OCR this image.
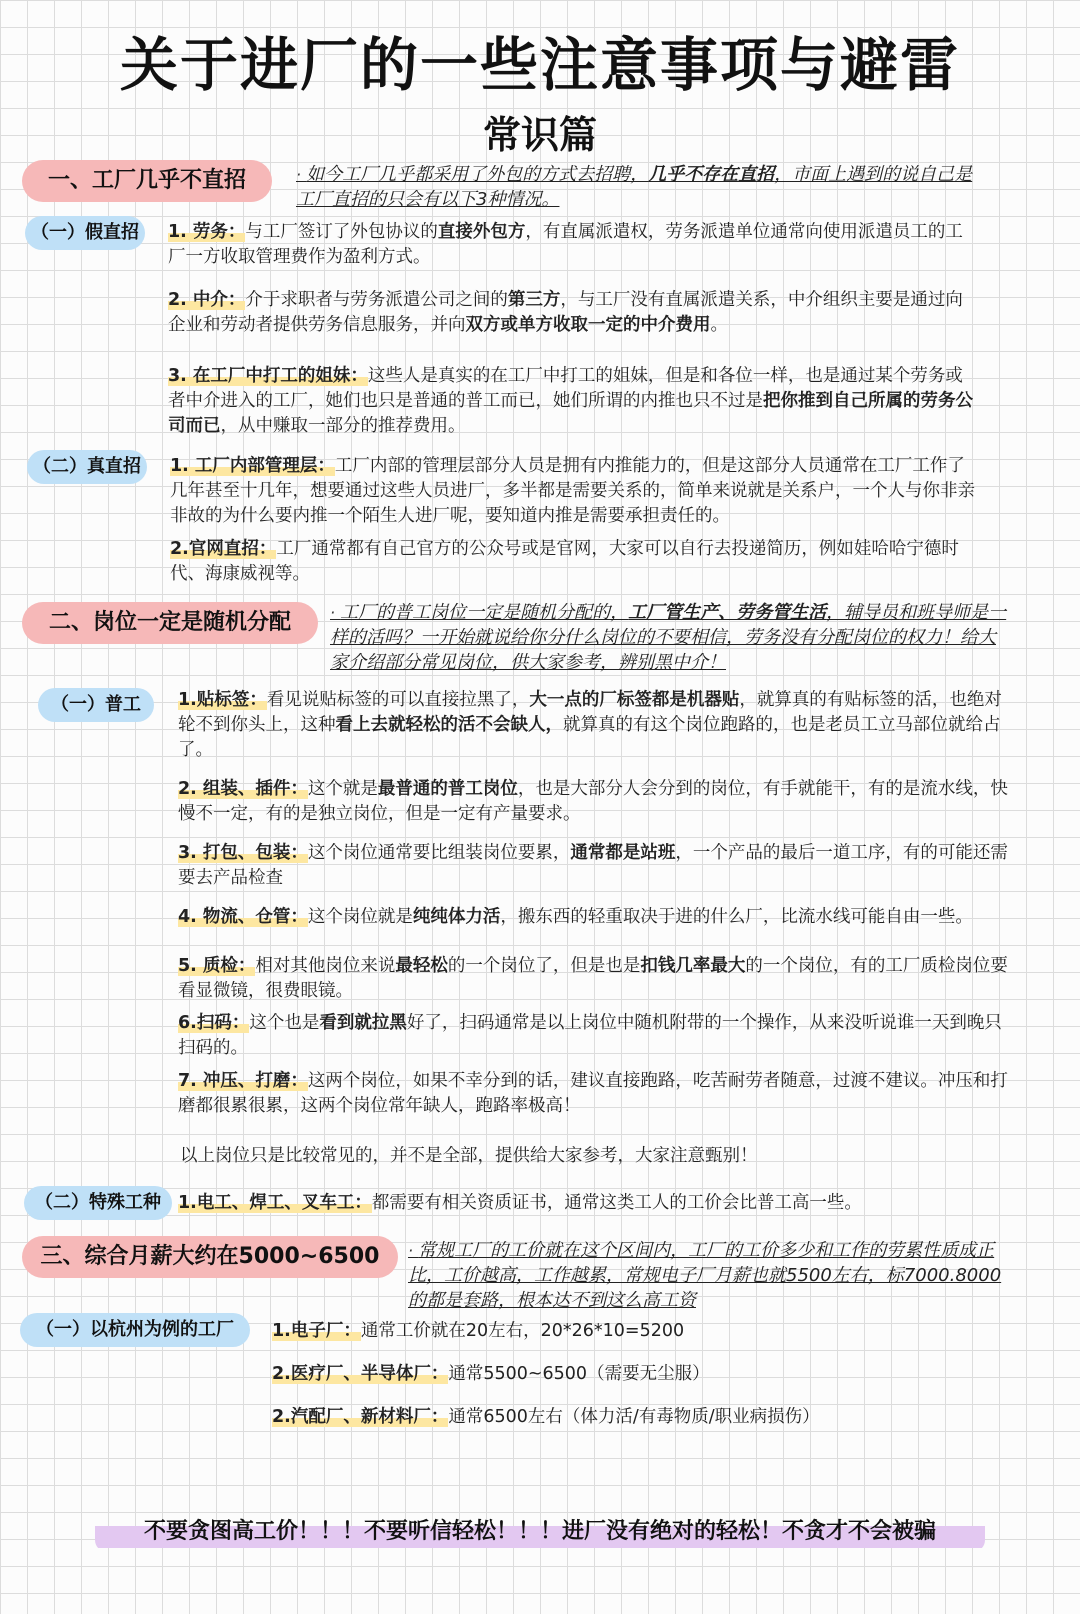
关于进厂的一些注意事项与避雷
常识篇
一、工厂几乎不直招	· 如今工厂几乎都采用了外包的方式去招聘，几乎不存在直招，市面上遇到的说自己是工厂直招的只会有以下3种情况。
（一）假直招	1. 劳务：与工厂签订了外包协议的直接外包方，有直属派遣权，劳务派遣单位通常向使用派遣员工的工厂一方收取管理费作为盈利方式。
2. 中介：介于求职者与劳务派遣公司之间的第三方，与工厂没有直属派遣关系，中介组织主要是通过向企业和劳动者提供劳务信息服务，并向双方或单方收取一定的中介费用。
3. 在工厂中打工的姐妹：这些人是真实的在工厂中打工的姐妹，但是和各位一样，也是通过某个劳务或者中介进入的工厂，她们也只是普通的普工而已，她们所谓的内推也只不过是把你推到自己所属的劳务公司而已，从中赚取一部分的推荐费用。
（二）真直招	1. 工厂内部管理层：工厂内部的管理层部分人员是拥有内推能力的，但是这部分人员通常在工厂工作了几年甚至十几年，想要通过这些人员进厂，多半都是需要关系的，简单来说就是关系户，一个人与你非亲非故的为什么要内推一个陌生人进厂呢，要知道内推是需要承担责任的。
2.官网直招：工厂通常都有自己官方的公众号或是官网，大家可以自行去投递简历，例如娃哈哈宁德时代、海康威视等。
二、岗位一定是随机分配	· 工厂的普工岗位一定是随机分配的，工厂管生产、劳务管生活，辅导员和班导师是一样的活吗？一开始就说给你分什么岗位的不要相信，劳务没有分配岗位的权力！给大家介绍部分常见岗位，供大家参考，辨别黑中介！
（一）普工	1.贴标签：看见说贴标签的可以直接拉黑了，大一点的厂标签都是机器贴，就算真的有贴标签的活，也绝对轮不到你头上，这种看上去就轻松的活不会缺人，就算真的有这个岗位跑路的，也是老员工立马部位就给占了。
2. 组装、插件：这个就是最普通的普工岗位，也是大部分人会分到的岗位，有手就能干，有的是流水线，快慢不一定，有的是独立岗位，但是一定有产量要求。
3. 打包、包装：这个岗位通常要比组装岗位要累，通常都是站班，一个产品的最后一道工序，有的可能还需要去产品检查
4. 物流、仓管：这个岗位就是纯纯体力活，搬东西的轻重取决于进的什么厂，比流水线可能自由一些。
5. 质检：相对其他岗位来说最轻松的一个岗位了，但是也是扣钱几率最大的一个岗位，有的工厂质检岗位要看显微镜，很费眼镜。
6.扫码：这个也是看到就拉黑好了，扫码通常是以上岗位中随机附带的一个操作，从来没听说谁一天到晚只扫码的。
7. 冲压、打磨：这两个岗位，如果不幸分到的话，建议直接跑路，吃苦耐劳者随意，过渡不建议。冲压和打磨都很累很累，这两个岗位常年缺人，跑路率极高！
以上岗位只是比较常见的，并不是全部，提供给大家参考，大家注意甄别！
（二）特殊工种 1.电工、焊工、叉车工：都需要有相关资质证书，通常这类工人的工价会比普工高一些。
三、综合月薪大约在5000~6500	· 常规工厂的工价就在这个区间内，工厂的工价多少和工作的劳累性质成正比，工价越高，工作越累，常规电子厂月薪也就5500左右，标7000.8000的都是套路，根本达不到这么高工资
（一）以杭州为例的工厂	1.电子厂：通常工价就在20左右，20*26*10=5200
2.医疗厂、半导体厂：通常5500~6500（需要无尘服）
2.汽配厂、新材料厂：通常6500左右（体力活/有毒物质/职业病损伤）
不要贪图高工价！！！不要听信轻松！！！进厂没有绝对的轻松！不贪才不会被骗
